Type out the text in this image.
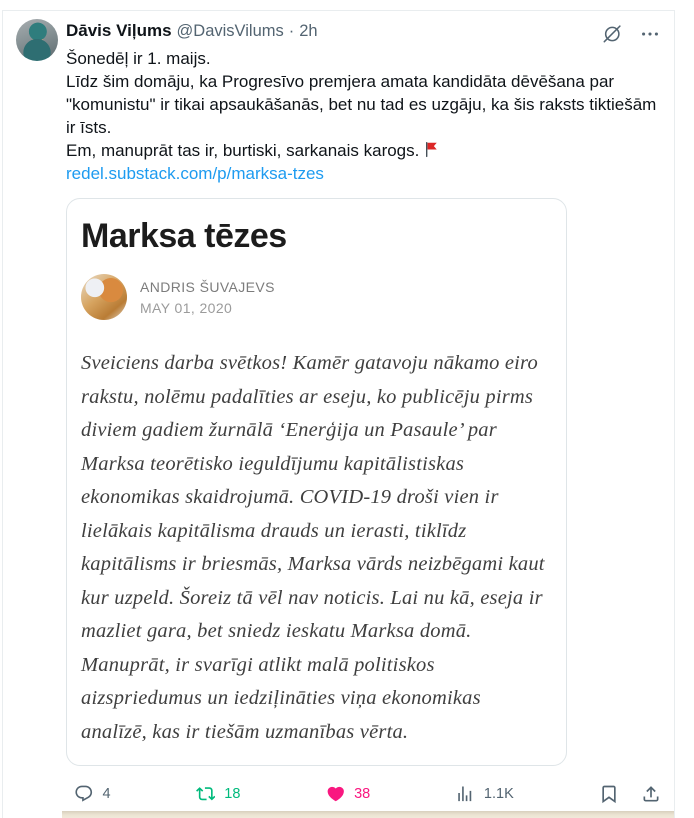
Dāvis Viļums @DavisVilums · 2h
Šonedēļ ir 1. maijs.
Līdz šim domāju, ka Progresīvo premjera amata kandidāta dēvēšana par "komunistu" ir tikai apsaukāšanās, bet nu tad es uzgāju, ka šis raksts tiktiešām ir īsts.
Em, manuprāt tas ir, burtiski, sarkanais karogs.
redel.substack.com/p/marksa-tzes
Marksa tēzes
ANDRIS ŠUVAJEVS
MAY 01, 2020

Sveiciens darba svētkos! Kamēr gatavoju nākamo eiro rakstu, nolēmu padalīties ar eseju, ko publicēju pirms diviem gadiem žurnālā ‘Enerģija un Pasaule’ par Marksa teorētisko ieguldījumu kapitālistiskas ekonomikas skaidrojumā. COVID-19 droši vien ir lielākais kapitālisma drauds un ierasti, tiklīdz kapitālisms ir briesmās, Marksa vārds neizbēgami kaut kur uzpeld. Šoreiz tā vēl nav noticis. Lai nu kā, eseja ir mazliet gara, bet sniedz ieskatu Marksa domā. Manuprāt, ir svarīgi atlikt malā politiskos aizspriedumus un iedziļināties viņa ekonomikas analīzē, kas ir tiešām uzmanības vērta.

4	18	38	1.1K
